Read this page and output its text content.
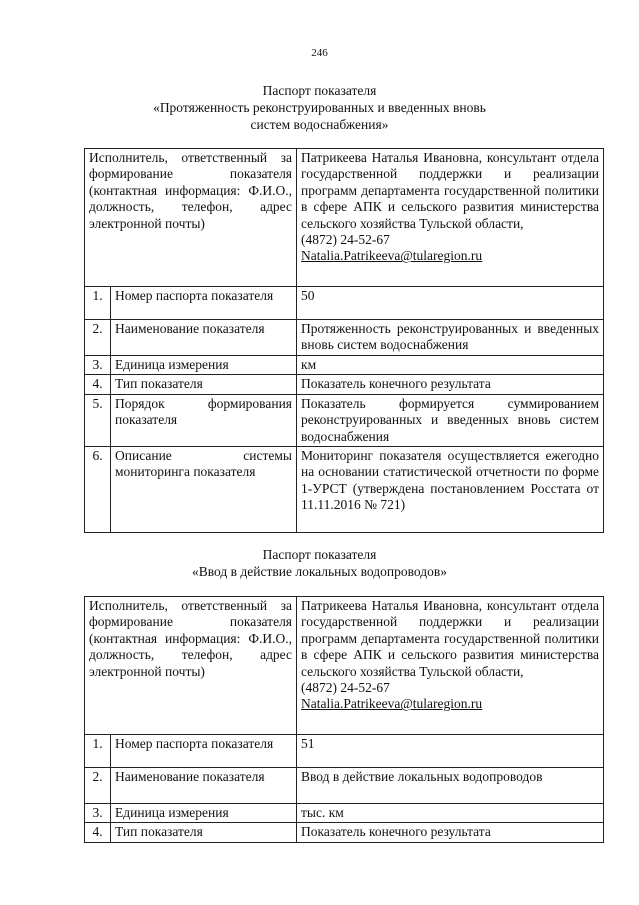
246
Паспорт показателя
«Протяженность реконструированных и введенных вновь
систем водоснабжения»
Исполнитель, ответственный за формирование показателя (контактная информация: Ф.И.О., должность, телефон, адрес электронной почты)		Патрикеева Наталья Ивановна, консультант отдела государственной поддержки и реализации программ департамента государственной политики в сфере АПК и сельского развития министерства сельского хозяйства Тульской области,
(4872) 24-52-67
Natalia.Patrikeeva@tularegion.ru

1.	Номер паспорта показателя	50
2.	Наименование показателя	Протяженность реконструированных и введенных вновь систем водоснабжения
3.	Единица измерения	км
4.	Тип показателя	Показатель конечного результата
5.	Порядок формирования показателя	Показатель формируется суммированием реконструированных и введенных вновь систем водоснабжения
6.	Описание системы мониторинга показателя	Мониторинг показателя осуществляется ежегодно на основании статистической отчетности по форме 1-УРСТ (утверждена постановлением Росстата от 11.11.2016 № 721)
Паспорт показателя
«Ввод в действие локальных водопроводов»
Исполнитель, ответственный за формирование показателя (контактная информация: Ф.И.О., должность, телефон, адрес электронной почты)		Патрикеева Наталья Ивановна, консультант отдела государственной поддержки и реализации программ департамента государственной политики в сфере АПК и сельского развития министерства сельского хозяйства Тульской области,
(4872) 24-52-67
Natalia.Patrikeeva@tularegion.ru

1.	Номер паспорта показателя	51
2.	Наименование показателя	Ввод в действие локальных водопроводов
3.	Единица измерения	тыс. км
4.	Тип показателя	Показатель конечного результата
